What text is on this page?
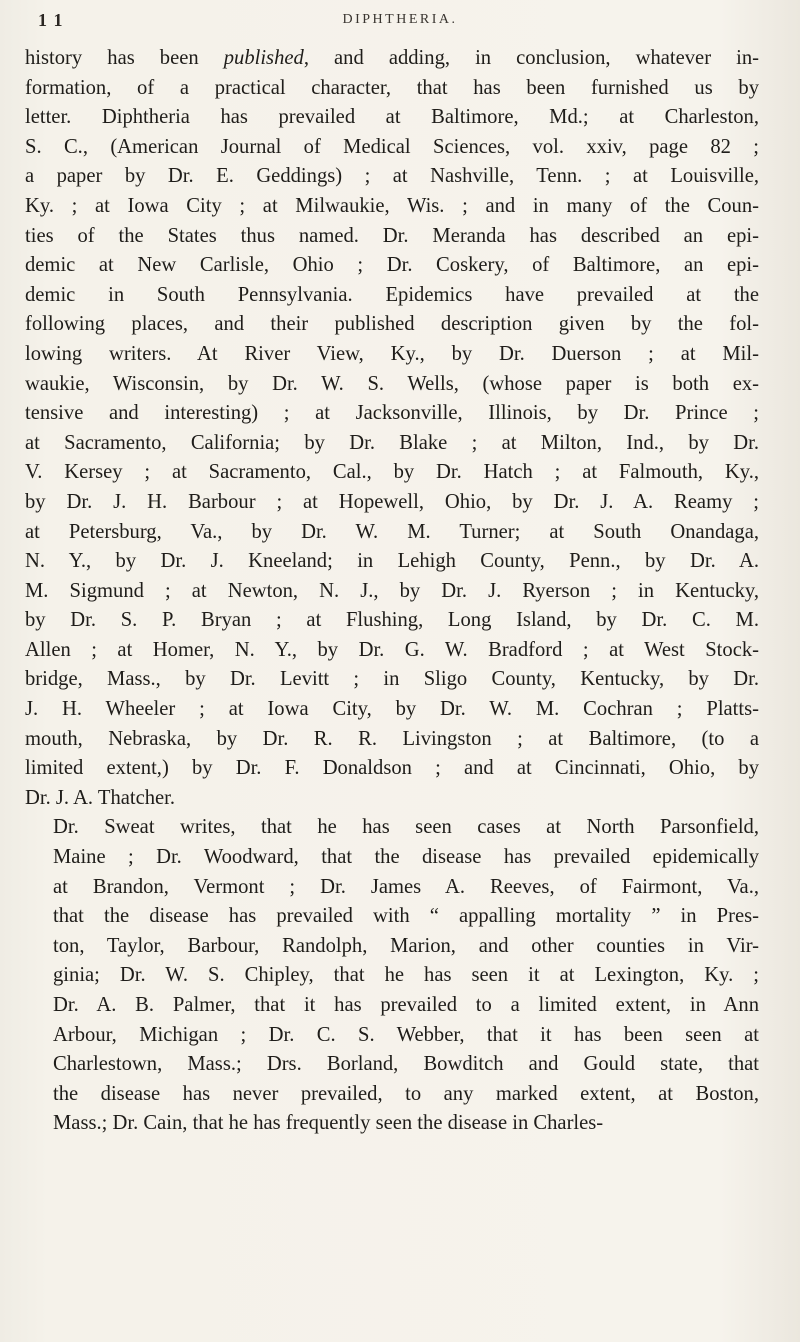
1 1	DIPHTHERIA.

history has been published, and adding, in conclusion, whatever in-
formation, of a practical character, that has been furnished us by
letter. Diphtheria has prevailed at Baltimore, Md.; at Charleston,
S. C., (American Journal of Medical Sciences, vol. xxiv, page 82 ;
a paper by Dr. E. Geddings) ; at Nashville, Tenn. ; at Louisville,
Ky. ; at Iowa City ; at Milwaukie, Wis. ; and in many of the Coun-
ties of the States thus named. Dr. Meranda has described an epi-
demic at New Carlisle, Ohio ; Dr. Coskery, of Baltimore, an epi-
demic in South Pennsylvania. Epidemics have prevailed at the
following places, and their published description given by the fol-
lowing writers. At River View, Ky., by Dr. Duerson ; at Mil-
waukie, Wisconsin, by Dr. W. S. Wells, (whose paper is both ex-
tensive and interesting) ; at Jacksonville, Illinois, by Dr. Prince ;
at Sacramento, California; by Dr. Blake ; at Milton, Ind., by Dr.
V. Kersey ; at Sacramento, Cal., by Dr. Hatch ; at Falmouth, Ky.,
by Dr. J. H. Barbour ; at Hopewell, Ohio, by Dr. J. A. Reamy ;
at Petersburg, Va., by Dr. W. M. Turner; at South Onandaga,
N. Y., by Dr. J. Kneeland; in Lehigh County, Penn., by Dr. A.
M. Sigmund ; at Newton, N. J., by Dr. J. Ryerson ; in Kentucky,
by Dr. S. P. Bryan ; at Flushing, Long Island, by Dr. C. M.
Allen ; at Homer, N. Y., by Dr. G. W. Bradford ; at West Stock-
bridge, Mass., by Dr. Levitt ; in Sligo County, Kentucky, by Dr.
J. H. Wheeler ; at Iowa City, by Dr. W. M. Cochran ; Platts-
mouth, Nebraska, by Dr. R. R. Livingston ; at Baltimore, (to a
limited extent,) by Dr. F. Donaldson ; and at Cincinnati, Ohio, by
Dr. J. A. Thatcher.

Dr. Sweat writes, that he has seen cases at North Parsonfield,
Maine ; Dr. Woodward, that the disease has prevailed epidemically
at Brandon, Vermont ; Dr. James A. Reeves, of Fairmont, Va.,
that the disease has prevailed with “ appalling mortality ” in Pres-
ton, Taylor, Barbour, Randolph, Marion, and other counties in Vir-
ginia; Dr. W. S. Chipley, that he has seen it at Lexington, Ky. ;
Dr. A. B. Palmer, that it has prevailed to a limited extent, in Ann
Arbour, Michigan ; Dr. C. S. Webber, that it has been seen at
Charlestown, Mass.; Drs. Borland, Bowditch and Gould state, that
the disease has never prevailed, to any marked extent, at Boston,
Mass.; Dr. Cain, that he has frequently seen the disease in Charles-
